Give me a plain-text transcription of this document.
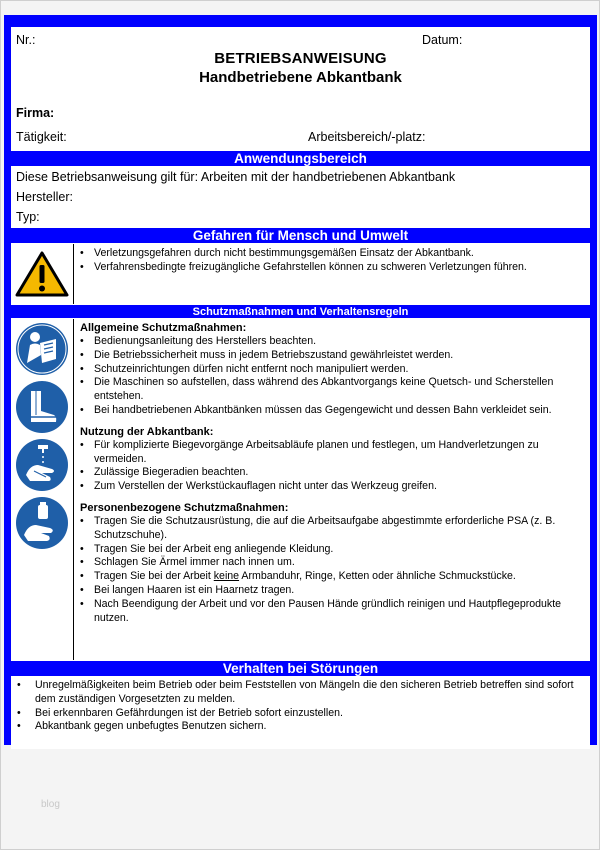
Nr.:	Datum:
BETRIEBSANWEISUNG
Handbetriebene Abkantbank
Firma:
Tätigkeit:	Arbeitsbereich/-platz:
Anwendungsbereich
Diese Betriebsanweisung gilt für: Arbeiten mit der handbetriebenen Abkantbank
Hersteller:
Typ:
Gefahren für Mensch und Umwelt
• Verletzungsgefahren durch nicht bestimmungsgemäßen Einsatz der Abkantbank.
• Verfahrensbedingte freizugängliche Gefahrstellen können zu schweren Verletzungen führen.
Schutzmaßnahmen und Verhaltensregeln
Allgemeine Schutzmaßnahmen:
• Bedienungsanleitung des Herstellers beachten.
• Die Betriebssicherheit muss in jedem Betriebszustand gewährleistet werden.
• Schutzeinrichtungen dürfen nicht entfernt noch manipuliert werden.
• Die Maschinen so aufstellen, dass während des Abkantvorgangs keine Quetsch- und Scherstellen entstehen.
• Bei handbetriebenen Abkantbänken müssen das Gegengewicht und dessen Bahn verkleidet sein.
Nutzung der Abkantbank:
• Für komplizierte Biegevorgänge Arbeitsabläufe planen und festlegen, um Handverletzungen zu vermeiden.
• Zulässige Biegeradien beachten.
• Zum Verstellen der Werkstückauflagen nicht unter das Werkzeug greifen.
Personenbezogene Schutzmaßnahmen:
• Tragen Sie die Schutzausrüstung, die auf die Arbeitsaufgabe abgestimmte erforderliche PSA (z. B. Schutzschuhe).
• Tragen Sie bei der Arbeit eng anliegende Kleidung.
• Schlagen Sie Ärmel immer nach innen um.
• Tragen Sie bei der Arbeit keine Armbanduhr, Ringe, Ketten oder ähnliche Schmuckstücke.
• Bei langen Haaren ist ein Haarnetz tragen.
• Nach Beendigung der Arbeit und vor den Pausen Hände gründlich reinigen und Hautpflegeprodukte nutzen.
Verhalten bei Störungen
• Unregelmäßigkeiten beim Betrieb oder beim Feststellen von Mängeln die den sicheren Betrieb betreffen sind sofort dem zuständigen Vorgesetzten zu melden.
• Bei erkennbaren Gefährdungen ist der Betrieb sofort einzustellen.
• Abkantbank gegen unbefugtes Benutzen sichern.
blog
